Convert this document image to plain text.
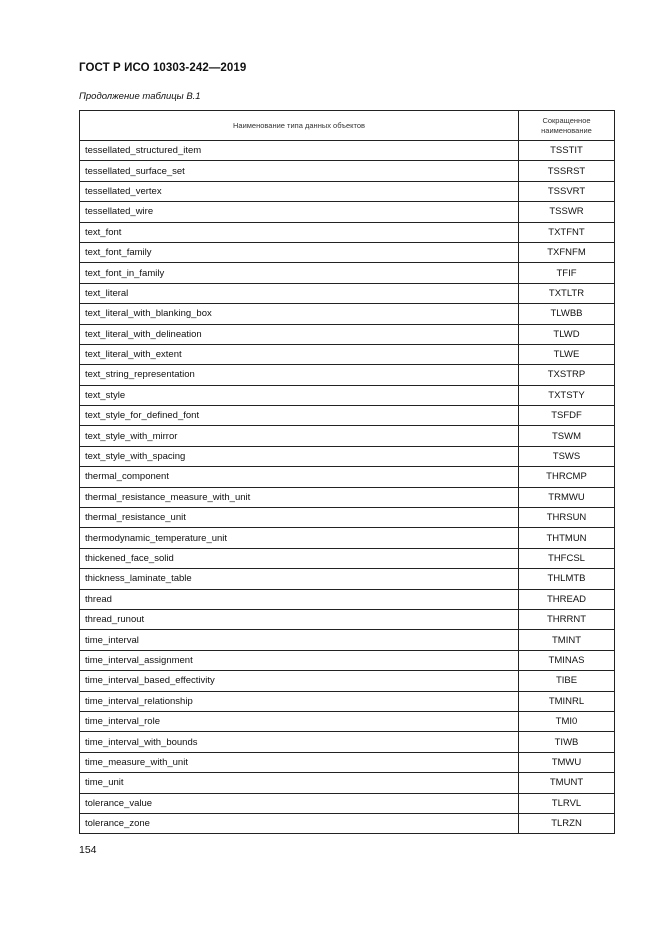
ГОСТ Р ИСО 10303-242—2019
Продолжение таблицы В.1
Наименование типа данных объектов	Сокращенное наименование
tessellated_structured_item	TSSTIT
tessellated_surface_set	TSSRST
tessellated_vertex	TSSVRT
tessellated_wire	TSSWR
text_font	TXTFNT
text_font_family	TXFNFM
text_font_in_family	TFIF
text_literal	TXTLTR
text_literal_with_blanking_box	TLWBB
text_literal_with_delineation	TLWD
text_literal_with_extent	TLWE
text_string_representation	TXSTRP
text_style	TXTSTY
text_style_for_defined_font	TSFDF
text_style_with_mirror	TSWM
text_style_with_spacing	TSWS
thermal_component	THRCMP
thermal_resistance_measure_with_unit	TRMWU
thermal_resistance_unit	THRSUN
thermodynamic_temperature_unit	THTMUN
thickened_face_solid	THFCSL
thickness_laminate_table	THLMTB
thread	THREAD
thread_runout	THRRNT
time_interval	TMINT
time_interval_assignment	TMINAS
time_interval_based_effectivity	TIBE
time_interval_relationship	TMINRL
time_interval_role	TMI0
time_interval_with_bounds	TIWB
time_measure_with_unit	TMWU
time_unit	TMUNT
tolerance_value	TLRVL
tolerance_zone	TLRZN
154
